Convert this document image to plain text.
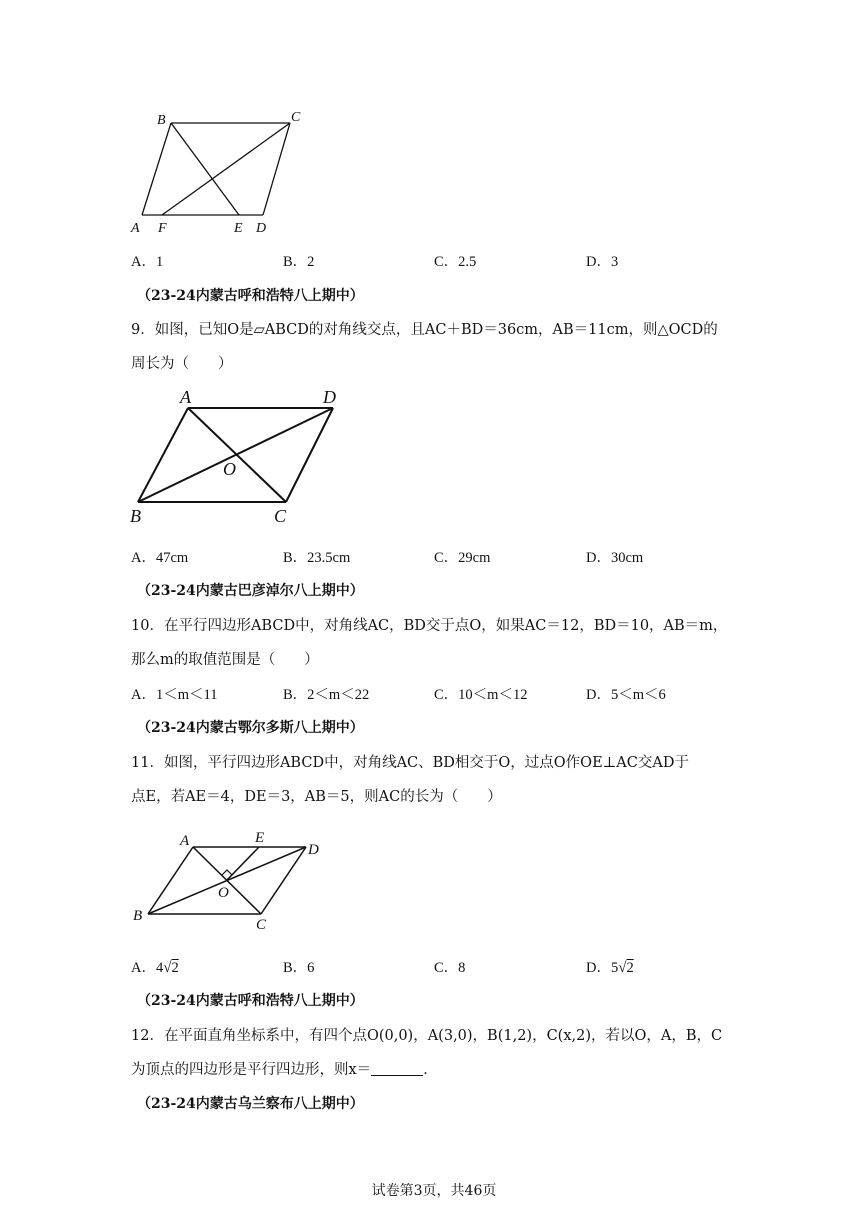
B	C
A F	E D
A．1	B．2	C．2.5	D．3
（23-24内蒙古呼和浩特八上期中）
9．如图，已知O是▱ABCD的对角线交点，且AC＋BD＝36cm，AB＝11cm，则△OCD的
周长为（　　）
A	D
O
B	C
A．47cm	B．23.5cm	C．29cm	D．30cm
（23-24内蒙古巴彦淖尔八上期中）
10．在平行四边形ABCD中，对角线AC，BD交于点O，如果AC＝12，BD＝10，AB＝m，
那么m的取值范围是（　　）
A．1＜m＜11	B．2＜m＜22	C．10＜m＜12	D．5＜m＜6
（23-24内蒙古鄂尔多斯八上期中）
11．如图，平行四边形ABCD中，对角线AC、BD相交于O，过点O作OE⊥AC交AD于
点E，若AE＝4，DE＝3，AB＝5，则AC的长为（　　）
A	E
D
O
B
C
A．4√2	B．6	C．8	D．5√2
（23-24内蒙古呼和浩特八上期中）
12．在平面直角坐标系中，有四个点O(0,0)，A(3,0)，B(1,2)，C(x,2)，若以O，A，B，C
为顶点的四边形是平行四边形，则x＝	．
（23-24内蒙古乌兰察布八上期中）
试卷第3页，共46页
